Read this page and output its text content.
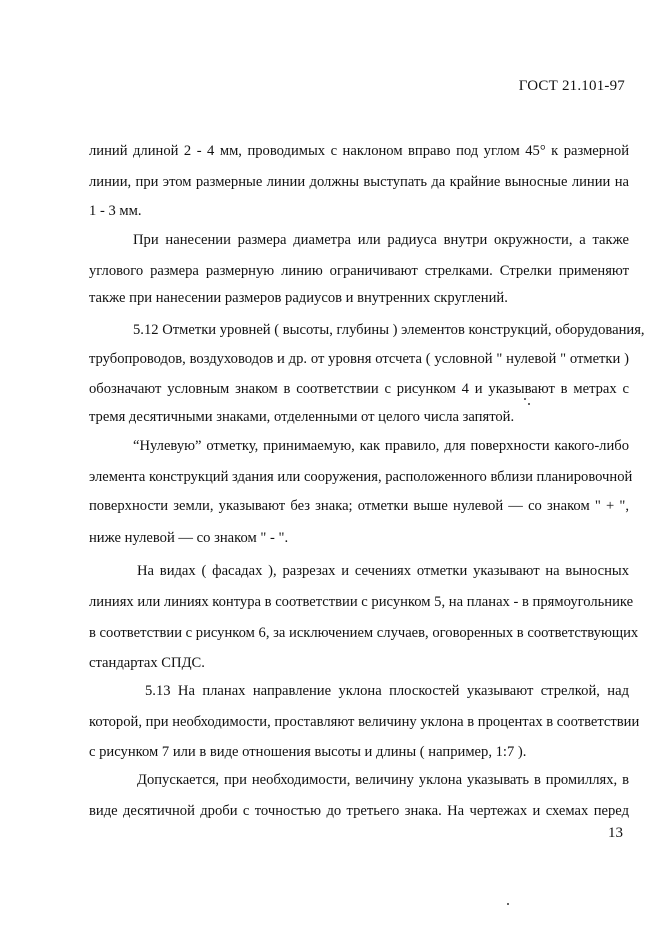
ГОСТ 21.101-97
линий длиной 2 - 4 мм, проводимых с наклоном вправо под углом 45° к размерной
линии, при этом размерные линии должны выступать да крайние выносные линии на
1 - 3 мм.
При нанесении размера диаметра или радиуса внутри окружности, а также
углового размера размерную линию ограничивают стрелками. Стрелки применяют
также при нанесении размеров радиусов и внутренних скруглений.
5.12 Отметки уровней ( высоты, глубины ) элементов конструкций, оборудования,
трубопроводов, воздуховодов и др. от уровня отсчета ( условной " нулевой " отметки )
обозначают условным знаком в соответствии с рисунком 4 и указывают в метрах с
тремя десятичными знаками, отделенными от целого числа запятой.
“Нулевую” отметку, принимаемую, как правило, для поверхности какого-либо
элемента конструкций здания или сооружения, расположенного вблизи планировочной
поверхности земли, указывают без знака; отметки выше нулевой — со знаком " + ",
ниже нулевой — со знаком " - ".
На видах ( фасадах ), разрезах и сечениях отметки указывают на выносных
линиях или линиях контура в соответствии с рисунком 5, на планах - в прямоугольнике
в соответствии с рисунком 6, за исключением случаев, оговоренных в соответствующих
стандартах СПДС.
5.13 На планах направление уклона плоскостей указывают стрелкой, над
которой, при необходимости, проставляют величину уклона в процентах в соответствии
с рисунком 7 или в виде отношения высоты и длины ( например, 1:7 ).
Допускается, при необходимости, величину уклона указывать в промиллях, в
виде десятичной дроби с точностью до третьего знака. На чертежах и схемах перед
13
